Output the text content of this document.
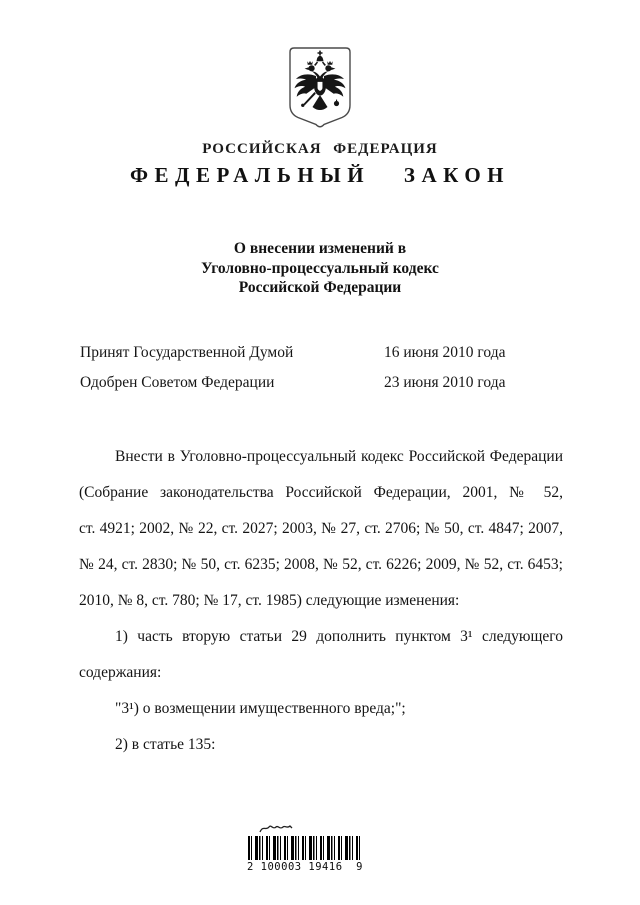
РОССИЙСКАЯ ФЕДЕРАЦИЯ
ФЕДЕРАЛЬНЫЙ ЗАКОН
О внесении изменений в
Уголовно-процессуальный кодекс
Российской Федерации
Принят Государственной Думой	16 июня 2010 года
Одобрен Советом Федерации	23 июня 2010 года
Внести в Уголовно-процессуальный кодекс Российской Федерации
(Собрание законодательства Российской Федерации, 2001, № 52,
ст. 4921; 2002, № 22, ст. 2027; 2003, № 27, ст. 2706; № 50, ст. 4847; 2007,
№ 24, ст. 2830; № 50, ст. 6235; 2008, № 52, ст. 6226; 2009, № 52, ст. 6453;
2010, № 8, ст. 780; № 17, ст. 1985) следующие изменения:
1) часть вторую статьи 29 дополнить пунктом 3¹ следующего
содержания:
"3¹) о возмещении имущественного вреда;";
2) в статье 135:
2 100003 19416  9
